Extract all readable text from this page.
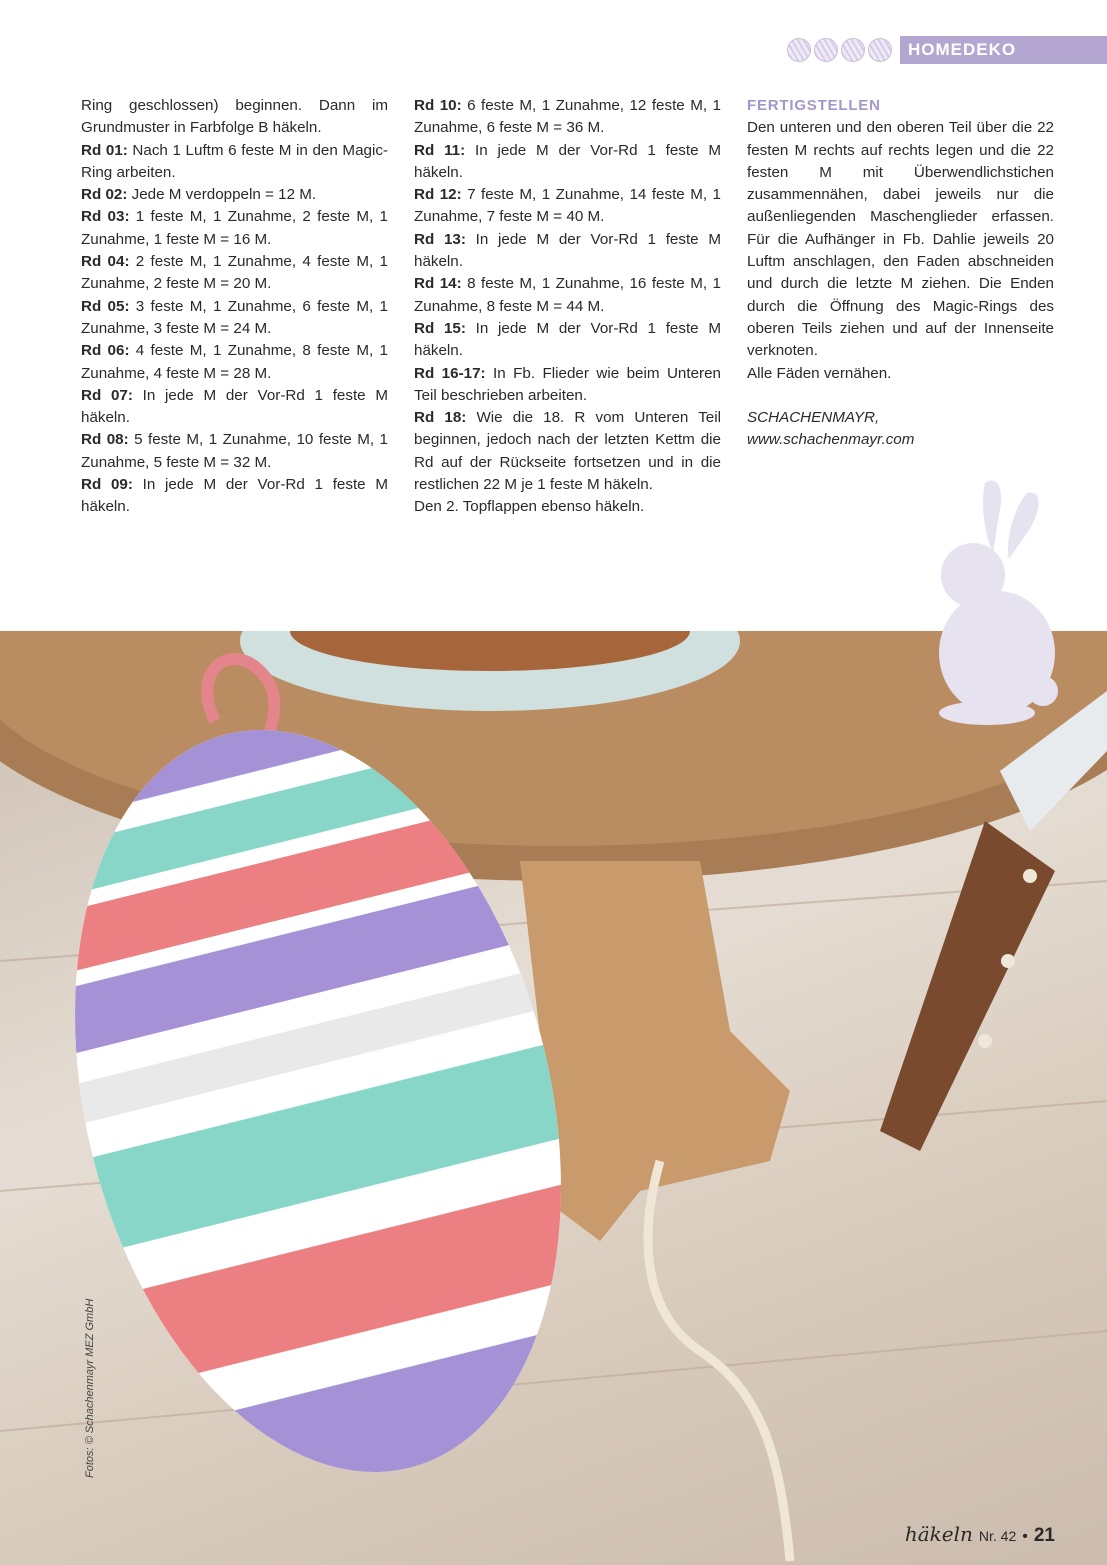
HOMEDEKO

Ring geschlossen) beginnen. Dann im Grundmuster in Farbfolge B häkeln.

Rd 01: Nach 1 Luftm 6 feste M in den Magic-Ring arbeiten.

Rd 02: Jede M verdoppeln = 12 M.

Rd 03: 1 feste M, 1 Zunahme, 2 feste M, 1 Zunahme, 1 feste M = 16 M.

Rd 04: 2 feste M, 1 Zunahme, 4 feste M, 1 Zunahme, 2 feste M = 20 M.

Rd 05: 3 feste M, 1 Zunahme, 6 feste M, 1 Zunahme, 3 feste M = 24 M.

Rd 06: 4 feste M, 1 Zunahme, 8 feste M, 1 Zunahme, 4 feste M = 28 M.

Rd 07: In jede M der Vor-Rd 1 feste M häkeln.

Rd 08: 5 feste M, 1 Zunahme, 10 feste M, 1 Zunahme, 5 feste M = 32 M.

Rd 09: In jede M der Vor-Rd 1 feste M häkeln.

Rd 10: 6 feste M, 1 Zunahme, 12 feste M, 1 Zunahme, 6 feste M = 36 M.

Rd 11: In jede M der Vor-Rd 1 feste M häkeln.

Rd 12: 7 feste M, 1 Zunahme, 14 feste M, 1 Zunahme, 7 feste M = 40 M.

Rd 13: In jede M der Vor-Rd 1 feste M häkeln.

Rd 14: 8 feste M, 1 Zunahme, 16 feste M, 1 Zunahme, 8 feste M = 44 M.

Rd 15: In jede M der Vor-Rd 1 feste M häkeln.

Rd 16-17: In Fb. Flieder wie beim Unteren Teil beschrieben arbeiten.

Rd 18: Wie die 18. R vom Unteren Teil beginnen, jedoch nach der letzten Kettm die Rd auf der Rückseite fortsetzen und in die restlichen 22 M je 1 feste M häkeln.

Den 2. Topflappen ebenso häkeln.

FERTIGSTELLEN

Den unteren und den oberen Teil über die 22 festen M rechts auf rechts legen und die 22 festen M mit Überwendlichstichen zusammennähen, dabei jeweils nur die außenliegenden Maschenglieder erfassen. Für die Aufhänger in Fb. Dahlie jeweils 20 Luftm anschlagen, den Faden abschneiden und durch die letzte M ziehen. Die Enden durch die Öffnung des Magic-Rings des oberen Teils ziehen und auf der Innenseite verknoten.

Alle Fäden vernähen.

SCHACHENMAYR,

www.schachenmayr.com

Fotos: © Schachenmayr MEZ GmbH
häkeln Nr. 42 • 21
